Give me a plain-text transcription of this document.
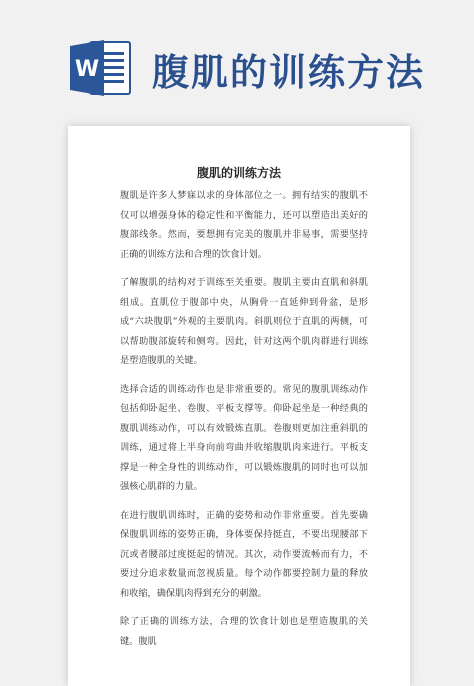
W 腹肌的训练方法
腹肌的训练方法

腹肌是许多人梦寐以求的身体部位之一。拥有结实的腹肌不仅可以增强身体的稳定性和平衡能力，还可以塑造出美好的腹部线条。然而，要想拥有完美的腹肌并非易事，需要坚持正确的训练方法和合理的饮食计划。

了解腹肌的结构对于训练至关重要。腹肌主要由直肌和斜肌组成。直肌位于腹部中央，从胸骨一直延伸到骨盆，是形成“六块腹肌”外观的主要肌肉。斜肌则位于直肌的两侧，可以帮助腹部旋转和侧弯。因此，针对这两个肌肉群进行训练是塑造腹肌的关键。

选择合适的训练动作也是非常重要的。常见的腹肌训练动作包括仰卧起坐、卷腹、平板支撑等。仰卧起坐是一种经典的腹肌训练动作，可以有效锻炼直肌。卷腹则更加注重斜肌的训练，通过将上半身向前弯曲并收缩腹肌肉来进行。平板支撑是一种全身性的训练动作，可以锻炼腹肌的同时也可以加强核心肌群的力量。

在进行腹肌训练时，正确的姿势和动作非常重要。首先要确保腹肌训练的姿势正确，身体要保持挺直，不要出现腰部下沉或者腰部过度挺起的情况。其次，动作要流畅而有力，不要过分追求数量而忽视质量。每个动作都要控制力量的释放和收缩，确保肌肉得到充分的刺激。

除了正确的训练方法，合理的饮食计划也是塑造腹肌的关键。腹肌
